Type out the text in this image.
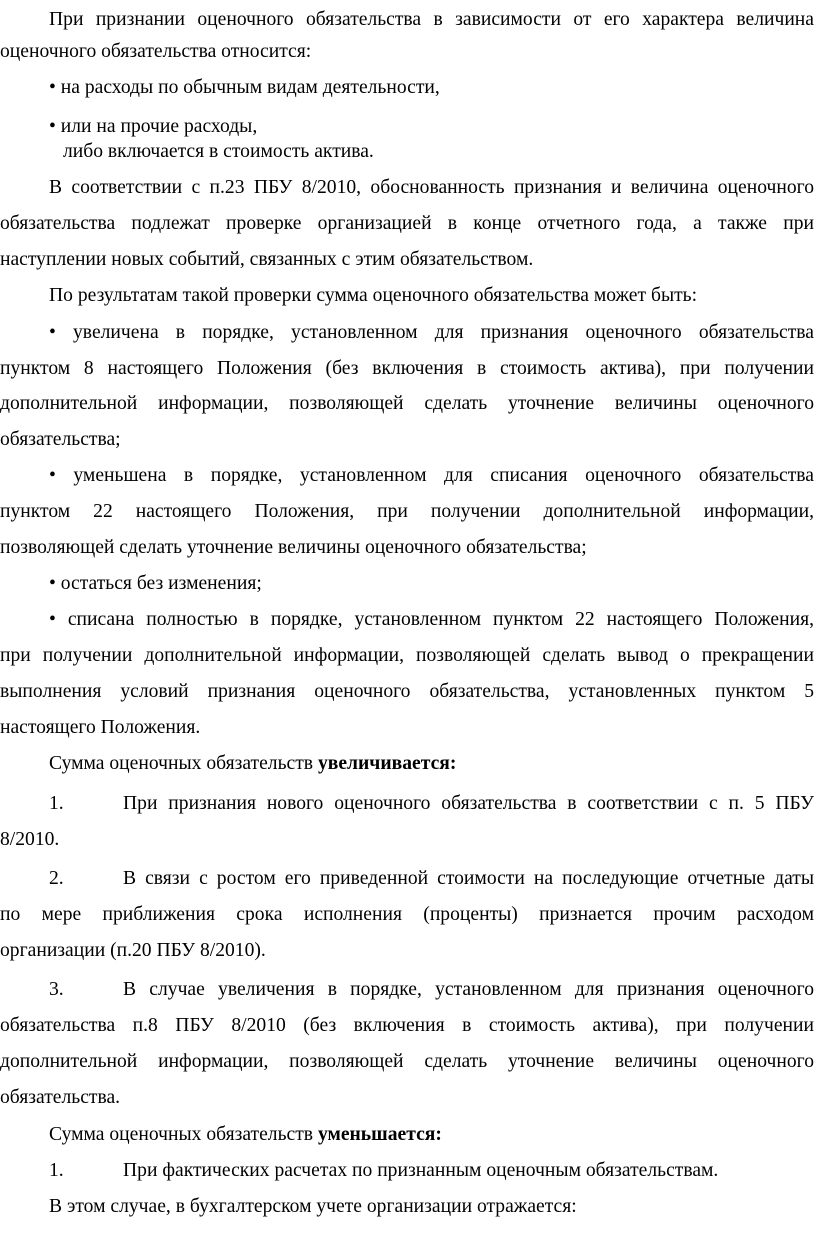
При признании оценочного обязательства в зависимости от его характера величина
оценочного обязательства относится:
• на расходы по обычным видам деятельности,
• или на прочие расходы,
либо включается в стоимость актива.
В соответствии с п.23 ПБУ 8/2010, обоснованность признания и величина оценочного
обязательства подлежат проверке организацией в конце отчетного года, а также при
наступлении новых событий, связанных с этим обязательством.
По результатам такой проверки сумма оценочного обязательства может быть:
• увеличена в порядке, установленном для признания оценочного обязательства
пунктом 8 настоящего Положения (без включения в стоимость актива), при получении
дополнительной информации, позволяющей сделать уточнение величины оценочного
обязательства;
• уменьшена в порядке, установленном для списания оценочного обязательства
пунктом 22 настоящего Положения, при получении дополнительной информации,
позволяющей сделать уточнение величины оценочного обязательства;
• остаться без изменения;
• списана полностью в порядке, установленном пунктом 22 настоящего Положения,
при получении дополнительной информации, позволяющей сделать вывод о прекращении
выполнения условий признания оценочного обязательства, установленных пунктом 5
настоящего Положения.
Сумма оценочных обязательств увеличивается:
1.	При признания нового оценочного обязательства в соответствии с п. 5 ПБУ
8/2010.
2.	В связи с ростом его приведенной стоимости на последующие отчетные даты
по мере приближения срока исполнения (проценты) признается прочим расходом
организации (п.20 ПБУ 8/2010).
3.	В случае увеличения в порядке, установленном для признания оценочного
обязательства п.8 ПБУ 8/2010 (без включения в стоимость актива), при получении
дополнительной информации, позволяющей сделать уточнение величины оценочного
обязательства.
Сумма оценочных обязательств уменьшается:
1.	При фактических расчетах по признанным оценочным обязательствам.
В этом случае, в бухгалтерском учете организации отражается:
